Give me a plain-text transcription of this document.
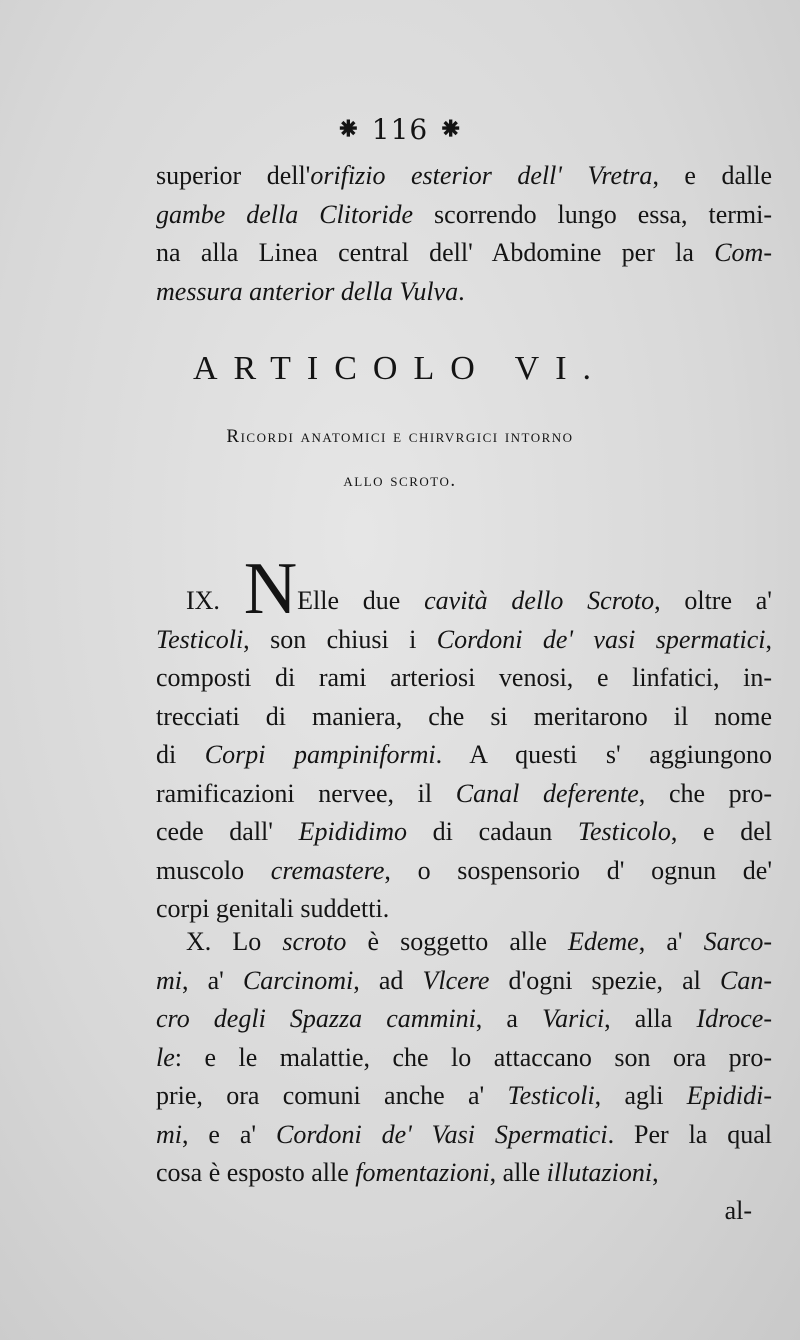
⁕ 116 ⁕
superior dell'orifizio esterior dell' Vretra, e dalle
gambe della Clitoride scorrendo lungo essa, termi-
na alla Linea central dell' Abdomine per la Com-
messura anterior della Vulva.
ARTICOLO VI.
Ricordi anatomici e chirvrgici intorno
allo scroto.
IX. NElle due cavità dello Scroto, oltre a'
Testicoli, son chiusi i Cordoni de' vasi spermatici,
composti di rami arteriosi venosi, e linfatici, in-
trecciati di maniera, che si meritarono il nome
di Corpi pampiniformi. A questi s' aggiungono
ramificazioni nervee, il Canal deferente, che pro-
cede dall' Epididimo di cadaun Testicolo, e del
muscolo cremastere, o sospensorio d' ognun de'
corpi genitali suddetti.
X. Lo scroto è soggetto alle Edeme, a' Sarco-
mi, a' Carcinomi, ad Vlcere d'ogni spezie, al Can-
cro degli Spazza cammini, a Varici, alla Idroce-
le: e le malattie, che lo attaccano son ora pro-
prie, ora comuni anche a' Testicoli, agli Epididi-
mi, e a' Cordoni de' Vasi Spermatici. Per la qual
cosa è esposto alle fomentazioni, alle illutazioni,
al-
